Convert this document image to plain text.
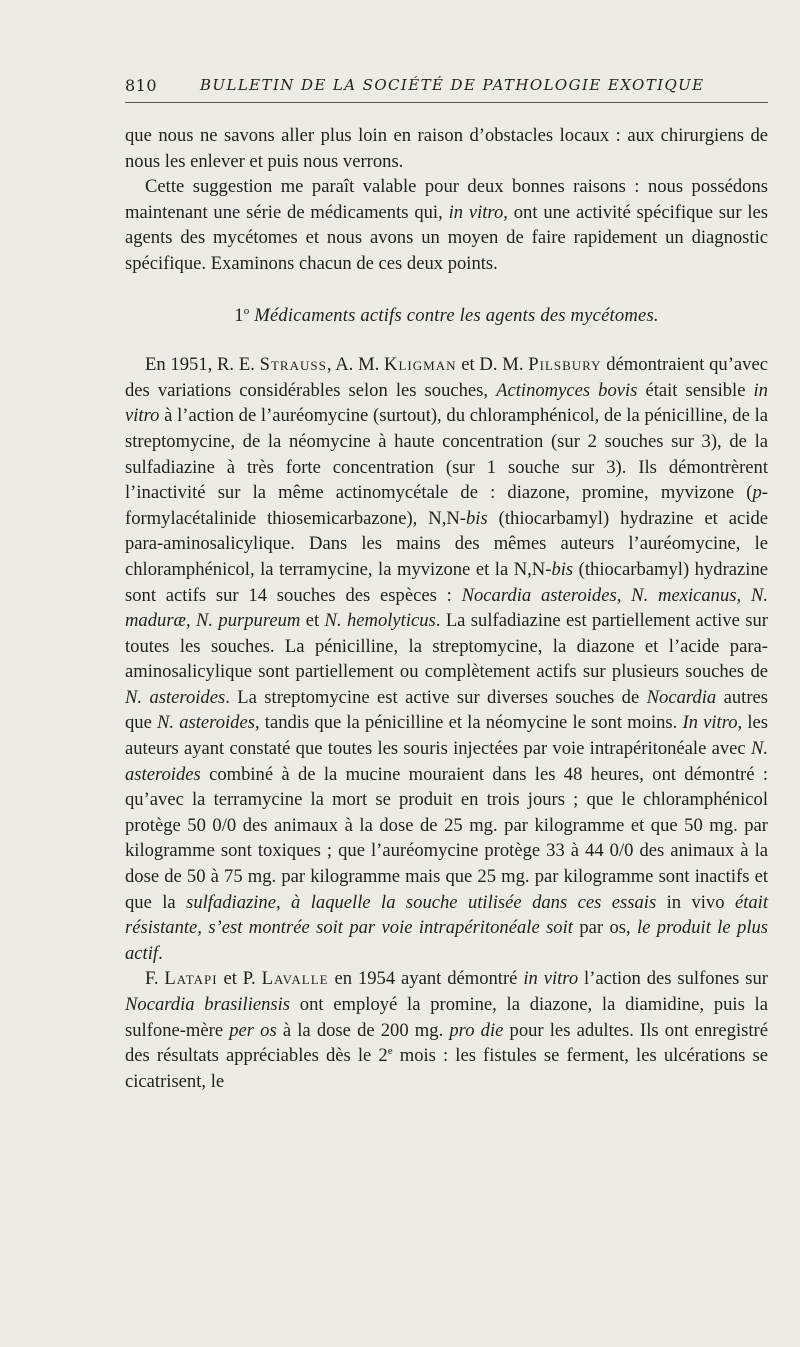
810	BULLETIN DE LA SOCIÉTÉ DE PATHOLOGIE EXOTIQUE

que nous ne savons aller plus loin en raison d’obstacles locaux : aux chirurgiens de nous les enlever et puis nous verrons.

Cette suggestion me paraît valable pour deux bonnes raisons : nous possédons maintenant une série de médicaments qui, in vitro, ont une activité spécifique sur les agents des mycétomes et nous avons un moyen de faire rapidement un diagnostic spécifique. Examinons chacun de ces deux points.

1$^o$ Médicaments actifs contre les agents des mycétomes.

En 1951, R. E. Strauss, A. M. Kligman et D. M. Pilsbury démontraient qu’avec des variations considérables selon les souches, Actinomyces bovis était sensible in vitro à l’action de l’auréomycine (surtout), du chloramphénicol, de la pénicilline, de la streptomycine, de la néomycine à haute concentration (sur 2 souches sur 3), de la sulfadiazine à très forte concentration (sur 1 souche sur 3). Ils démontrèrent l’inactivité sur la même actinomycétale de : diazone, promine, myvizone (p-formylacétalinide thiosemicarbazone), N,N-bis (thiocarbamyl) hydrazine et acide para-aminosalicylique. Dans les mains des mêmes auteurs l’auréomycine, le chloramphénicol, la terramycine, la myvizone et la N,N-bis (thiocarbamyl) hydrazine sont actifs sur 14 souches des espèces : Nocardia asteroides, N. mexicanus, N. maduræ, N. purpureum et N. hemolyticus. La sulfadiazine est partiellement active sur toutes les souches. La pénicilline, la streptomycine, la diazone et l’acide para-aminosalicylique sont partiellement ou complètement actifs sur plusieurs souches de N. asteroides. La streptomycine est active sur diverses souches de Nocardia autres que N. asteroides, tandis que la pénicilline et la néomycine le sont moins. In vitro, les auteurs ayant constaté que toutes les souris injectées par voie intrapéritonéale avec N. asteroides combiné à de la mucine mouraient dans les 48 heures, ont démontré : qu’avec la terramycine la mort se produit en trois jours ; que le chloramphénicol protège 50 0/0 des animaux à la dose de 25 mg. par kilogramme et que 50 mg. par kilogramme sont toxiques ; que l’auréomycine protège 33 à 44 0/0 des animaux à la dose de 50 à 75 mg. par kilogramme mais que 25 mg. par kilogramme sont inactifs et que la sulfadiazine, à laquelle la souche utilisée dans ces essais in vivo était résistante, s’est montrée soit par voie intrapéritonéale soit par os, le produit le plus actif.

F. Latapi et P. Lavalle en 1954 ayant démontré in vitro l’action des sulfones sur Nocardia brasiliensis ont employé la promine, la diazone, la diamidine, puis la sulfone-mère per os à la dose de 200 mg. pro die pour les adultes. Ils ont enregistré des résultats appréciables dès le 2e mois : les fistules se ferment, les ulcérations se cicatrisent, le
